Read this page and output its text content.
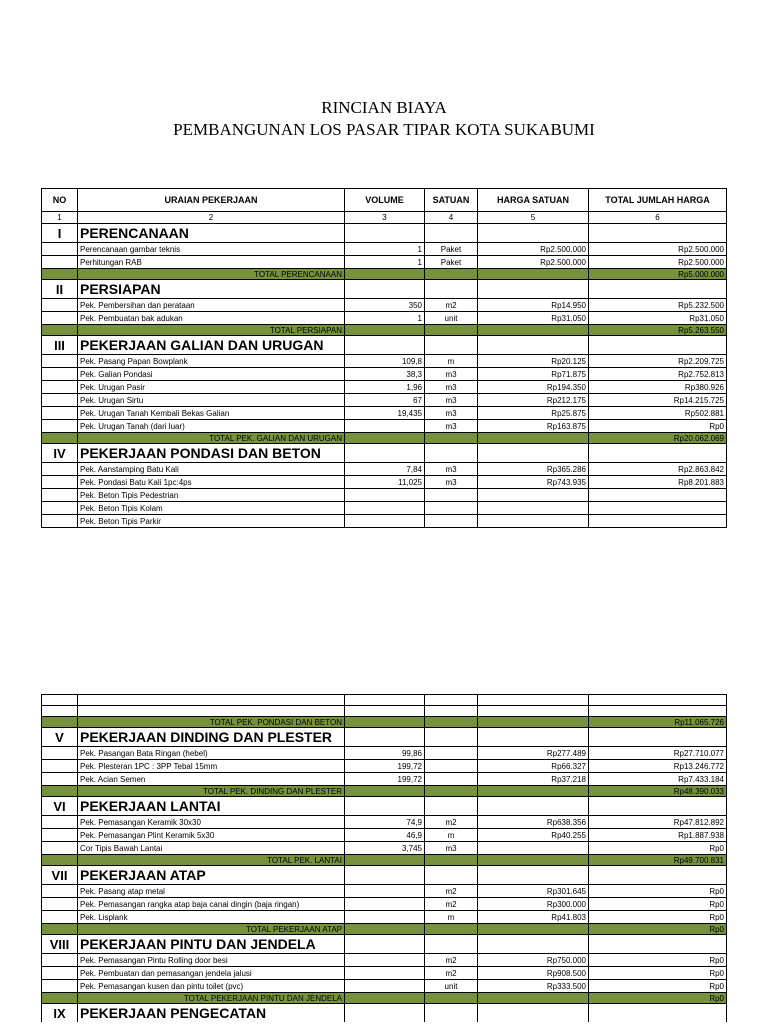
RINCIAN BIAYA
PEMBANGUNAN LOS PASAR TIPAR KOTA SUKABUMI
NO	URAIAN PEKERJAAN	VOLUME	SATUAN	HARGA SATUAN	TOTAL JUMLAH HARGA
1	2	3	4	5	6
I	PERENCANAAN				
	Perencanaan gambar teknis	1	Paket	Rp2.500.000	Rp2.500.000
	Perhitungan RAB	1	Paket	Rp2.500.000	Rp2.500.000
	TOTAL PERENCANAAN				Rp5.000.000
II	PERSIAPAN				
	Pek. Pembersihan dan perataan	350	m2	Rp14.950	Rp5.232.500
	Pek. Pembuatan bak adukan	1	unit	Rp31.050	Rp31.050
	TOTAL PERSIAPAN				Rp5.263.550
III	PEKERJAAN GALIAN DAN URUGAN				
	Pek. Pasang Papan Bowplank	109,8	m	Rp20.125	Rp2.209.725
	Pek. Galian Pondasi	38,3	m3	Rp71.875	Rp2.752.813
	Pek. Urugan Pasir	1,96	m3	Rp194.350	Rp380.926
	Pek. Urugan Sirtu	67	m3	Rp212.175	Rp14.215.725
	Pek. Urugan Tanah Kembali Bekas Galian	19,435	m3	Rp25.875	Rp502.881
	Pek. Urugan Tanah (dari luar)		m3	Rp163.875	Rp0
	TOTAL PEK. GALIAN DAN URUGAN				Rp20.062.069
IV	PEKERJAAN PONDASI DAN BETON				
	Pek. Aanstamping Batu Kali	7,84	m3	Rp365.286	Rp2.863.842
	Pek. Pondasi Batu Kali 1pc:4ps	11,025	m3	Rp743.935	Rp8.201.883
	Pek. Beton Tipis Pedestrian				
	Pek. Beton Tipis Kolam				
	Pek. Beton Tipis Parkir				

	TOTAL PEK. PONDASI DAN BETON				Rp11.065.726
V	PEKERJAAN DINDING DAN PLESTER				
	Pek. Pasangan Bata Ringan (hebel)	99,86		Rp277.489	Rp27.710.077
	Pek. Plesteran 1PC : 3PP Tebal 15mm	199,72		Rp66.327	Rp13.246.772
	Pek. Acian Semen	199,72		Rp37.218	Rp7.433.184
	TOTAL PEK. DINDING DAN PLESTER				Rp48.390.033
VI	PEKERJAAN LANTAI				
	Pek. Pemasangan Keramik 30x30	74,9	m2	Rp638.356	Rp47.812.892
	Pek. Pemasangan Plint Keramik 5x30	46,9	m	Rp40.255	Rp1.887.938
	Cor Tipis Bawah Lantai	3,745	m3		Rp0
	TOTAL PEK. LANTAI				Rp49.700.831
VII	PEKERJAAN ATAP				
	Pek. Pasang atap metal		m2	Rp301.645	Rp0
	Pek. Pemasangan rangka atap baja canai dingin (baja ringan)		m2	Rp300.000	Rp0
	Pek. Lisplank		m	Rp41.803	Rp0
	TOTAL PEKERJAAN ATAP				Rp0
VIII	PEKERJAAN PINTU DAN JENDELA				
	Pek. Pemasangan Pintu Rolling door besi		m2	Rp750.000	Rp0
	Pek. Pembuatan dan pemasangan jendela jalusi		m2	Rp908.500	Rp0
	Pek. Pemasangan kusen dan pintu toilet (pvc)		unit	Rp333.500	Rp0
	TOTAL PEKERJAAN PINTU DAN JENDELA				Rp0
IX	PEKERJAAN PENGECATAN				
